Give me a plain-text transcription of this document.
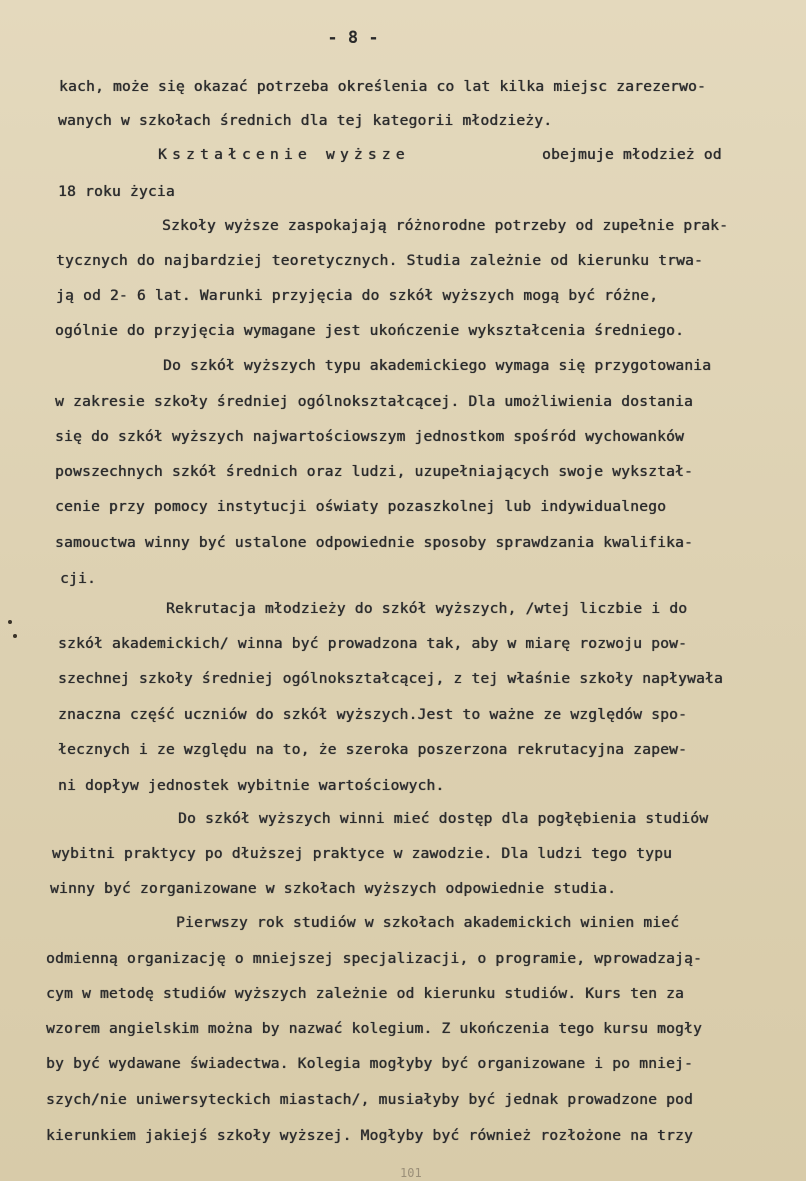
- 8 -
kach, może się okazać potrzeba określenia co lat kilka miejsc zarezerwo-
wanych w szkołach średnich dla tej kategorii młodzieży.
Kształcenie wyższe	obejmuje młodzież od
18 roku życia
Szkoły wyższe zaspokajają różnorodne potrzeby od zupełnie prak-
tycznych do najbardziej teoretycznych. Studia zależnie od kierunku trwa-
ją od 2- 6 lat. Warunki przyjęcia do szkół wyższych mogą być różne,
ogólnie do przyjęcia wymagane jest ukończenie wykształcenia średniego.
Do szkół wyższych typu akademickiego wymaga się przygotowania
w zakresie szkoły średniej ogólnokształcącej. Dla umożliwienia dostania
się do szkół wyższych najwartościowszym jednostkom spośród wychowanków
powszechnych szkół średnich oraz ludzi, uzupełniających swoje wykształ-
cenie przy pomocy instytucji oświaty pozaszkolnej lub indywidualnego
samouctwa winny być ustalone odpowiednie sposoby sprawdzania kwalifika-
cji.
Rekrutacja młodzieży do szkół wyższych, /wtej liczbie i do
szkół akademickich/ winna być prowadzona tak, aby w miarę rozwoju pow-
szechnej szkoły średniej ogólnokształcącej, z tej właśnie szkoły napływała
znaczna część uczniów do szkół wyższych.Jest to ważne ze względów spo-
łecznych i ze względu na to, że szeroka poszerzona rekrutacyjna zapew-
ni dopływ jednostek wybitnie wartościowych.
Do szkół wyższych winni mieć dostęp dla pogłębienia studiów
wybitni praktycy po dłuższej praktyce w zawodzie. Dla ludzi tego typu
winny być zorganizowane w szkołach wyższych odpowiednie studia.
Pierwszy rok studiów w szkołach akademickich winien mieć
odmienną organizację o mniejszej specjalizacji, o programie, wprowadzają-
cym w metodę studiów wyższych zależnie od kierunku studiów. Kurs ten za
wzorem angielskim można by nazwać kolegium. Z ukończenia tego kursu mogły
by być wydawane świadectwa. Kolegia mogłyby być organizowane i po mniej-
szych/nie uniwersyteckich miastach/, musiałyby być jednak prowadzone pod
kierunkiem jakiejś szkoły wyższej. Mogłyby być również rozłożone na trzy
101
